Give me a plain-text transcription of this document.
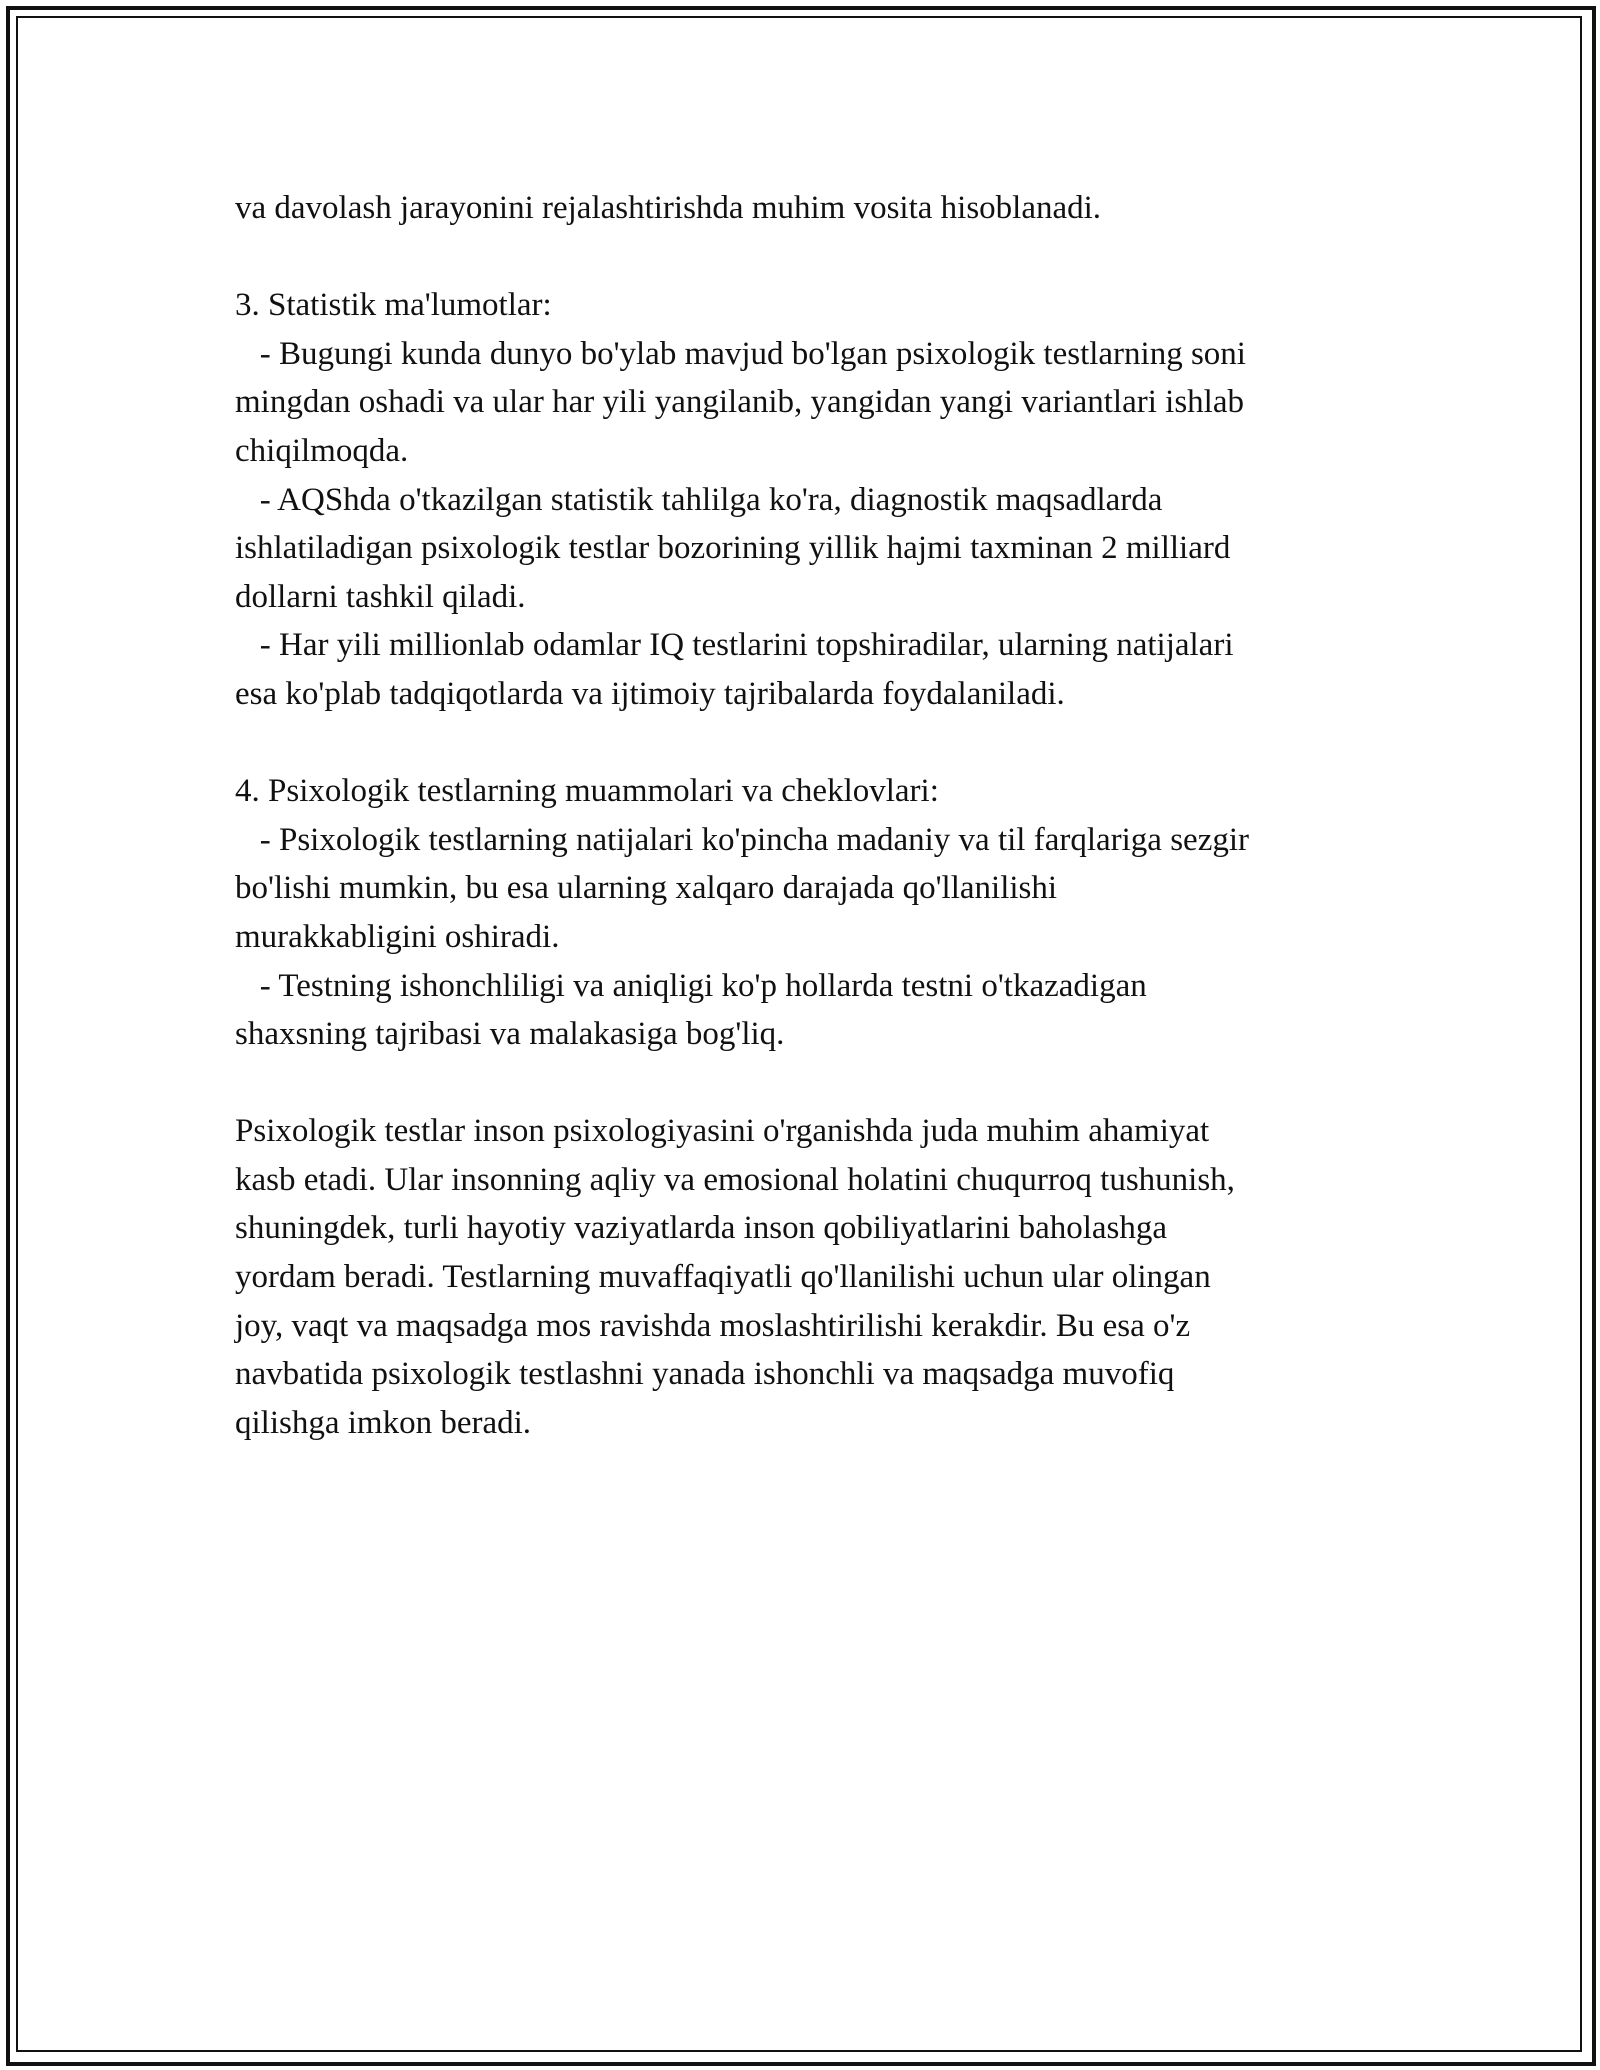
va davolash jarayonini rejalashtirishda muhim vosita hisoblanadi.

3. Statistik ma'lumotlar:

- Bugungi kunda dunyo bo'ylab mavjud bo'lgan psixologik testlarning soni

mingdan oshadi va ular har yili yangilanib, yangidan yangi variantlari ishlab

chiqilmoqda.

- AQShda o'tkazilgan statistik tahlilga ko'ra, diagnostik maqsadlarda

ishlatiladigan psixologik testlar bozorining yillik hajmi taxminan 2 milliard

dollarni tashkil qiladi.

- Har yili millionlab odamlar IQ testlarini topshiradilar, ularning natijalari

esa ko'plab tadqiqotlarda va ijtimoiy tajribalarda foydalaniladi.

4. Psixologik testlarning muammolari va cheklovlari:

- Psixologik testlarning natijalari ko'pincha madaniy va til farqlariga sezgir

bo'lishi mumkin, bu esa ularning xalqaro darajada qo'llanilishi

murakkabligini oshiradi.

- Testning ishonchliligi va aniqligi ko'p hollarda testni o'tkazadigan

shaxsning tajribasi va malakasiga bog'liq.

Psixologik testlar inson psixologiyasini o'rganishda juda muhim ahamiyat

kasb etadi. Ular insonning aqliy va emosional holatini chuqurroq tushunish,

shuningdek, turli hayotiy vaziyatlarda inson qobiliyatlarini baholashga

yordam beradi. Testlarning muvaffaqiyatli qo'llanilishi uchun ular olingan

joy, vaqt va maqsadga mos ravishda moslashtirilishi kerakdir. Bu esa o'z

navbatida psixologik testlashni yanada ishonchli va maqsadga muvofiq

qilishga imkon beradi.
